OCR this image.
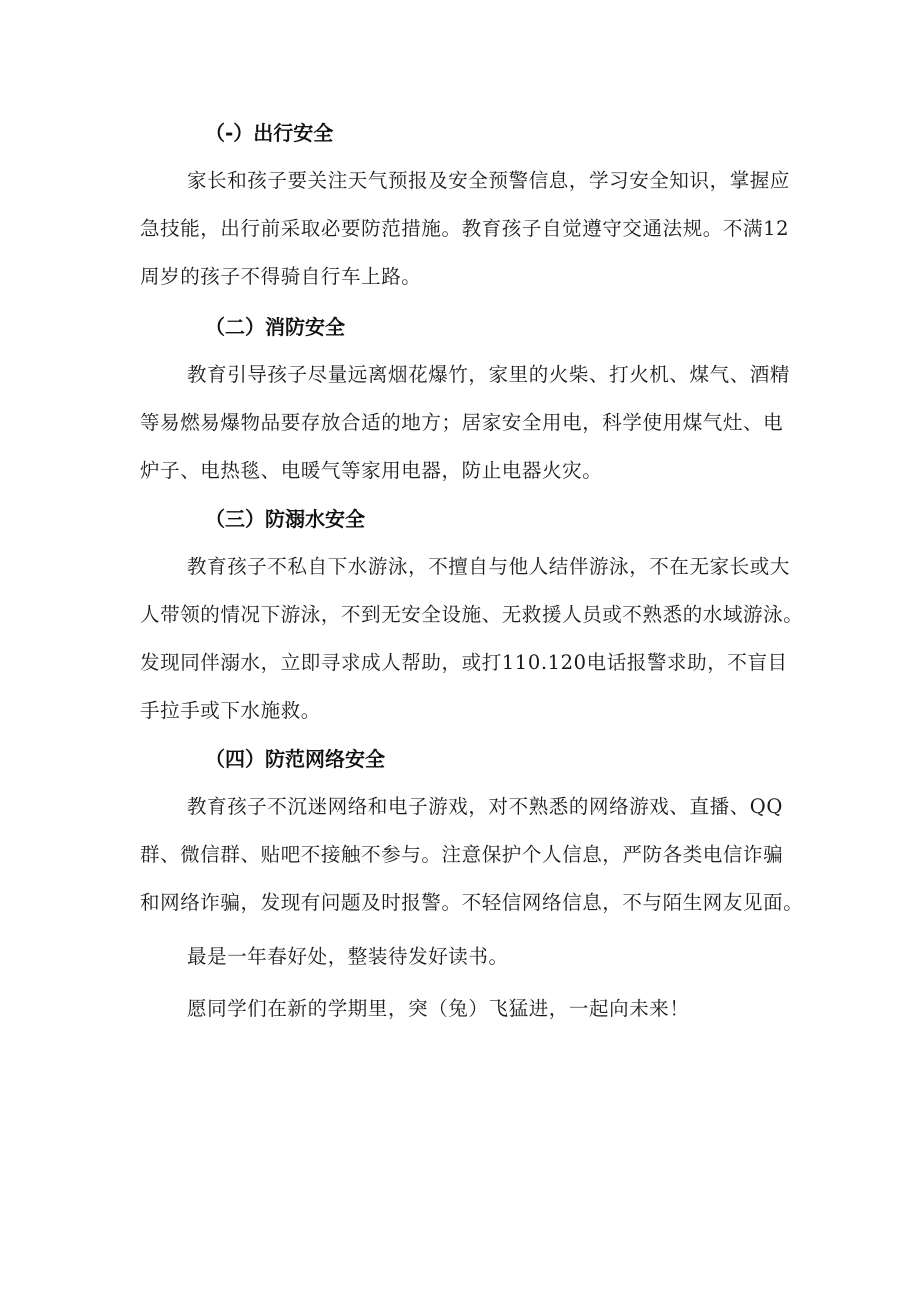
（-）出行安全
家长和孩子要关注天气预报及安全预警信息，学习安全知识，掌握应
急技能，出行前采取必要防范措施。教育孩子自觉遵守交通法规。不满12
周岁的孩子不得骑自行车上路。
（二）消防安全
教育引导孩子尽量远离烟花爆竹，家里的火柴、打火机、煤气、酒精
等易燃易爆物品要存放合适的地方；居家安全用电，科学使用煤气灶、电
炉子、电热毯、电暖气等家用电器，防止电器火灾。
（三）防溺水安全
教育孩子不私自下水游泳，不擅自与他人结伴游泳，不在无家长或大
人带领的情况下游泳，不到无安全设施、无救援人员或不熟悉的水域游泳。
发现同伴溺水，立即寻求成人帮助，或打110.120电话报警求助，不盲目
手拉手或下水施救。
（四）防范网络安全
教育孩子不沉迷网络和电子游戏，对不熟悉的网络游戏、直播、QQ
群、微信群、贴吧不接触不参与。注意保护个人信息，严防各类电信诈骗
和网络诈骗，发现有问题及时报警。不轻信网络信息，不与陌生网友见面。
最是一年春好处，整装待发好读书。
愿同学们在新的学期里，突（兔）飞猛进，一起向未来！
